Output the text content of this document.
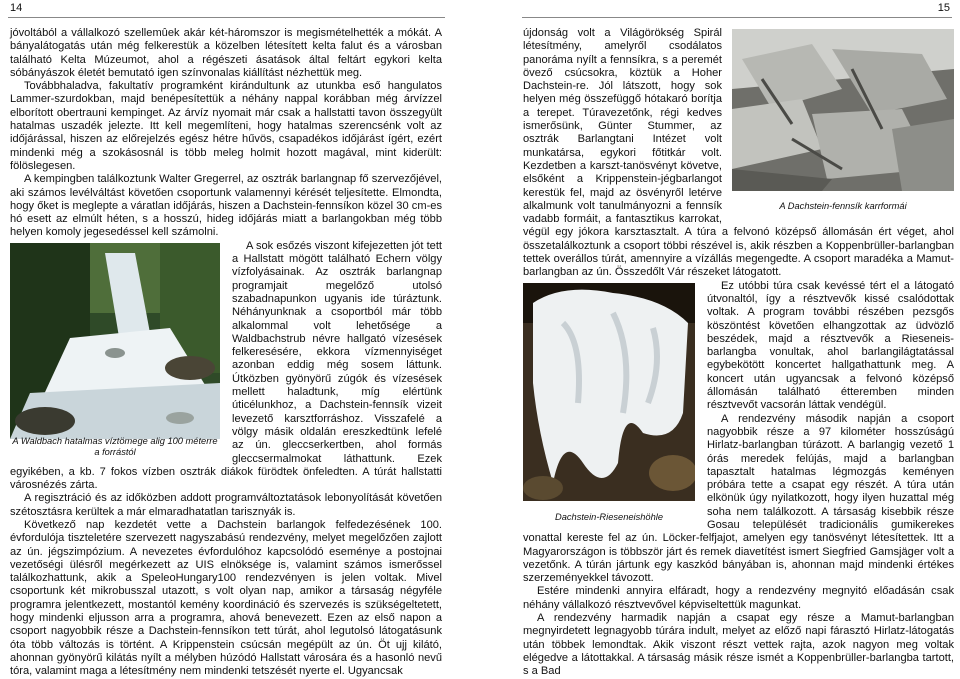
14	15

jóvoltából a vállalkozó szellemûek akár két-háromszor is megismételhették a mókát. A bányalátogatás után még felkerestük a közelben létesített kelta falut és a városban található Kelta Múzeumot, ahol a régészeti ásatások által feltárt egykori kelta sóbányászok életét bemutató igen színvonalas kiállítást nézhettük meg.

Továbbhaladva, fakultatív programként kirándultunk az utunkba eső hangulatos Lammer-szurdokban, majd benépesítettük a néhány nappal korábban még árvízzel elborított obertrauni kempinget. Az árvíz nyomait már csak a hallstatti tavon összegyült hatalmas uszadék jelezte. Itt kell megemlíteni, hogy hatalmas szerencsénk volt az időjárással, hiszen az előrejelzés egész hétre hűvös, csapadékos időjárást ígért, ezért mindenki még a szokásosnál is több meleg holmit hozott magával, mint kiderült: fölöslegesen.

A kempingben találkoztunk Walter Gregerrel, az osztrák barlangnap fő szervezőjével, aki számos levélváltást követően csoportunk valamennyi kérését teljesítette. Elmondta, hogy őket is meglepte a váratlan időjárás, hiszen a Dachstein-fennsíkon közel 30 cm-es hó esett az elmúlt héten, s a hosszú, hideg időjárás miatt a barlangokban még több helyen komoly jegesedéssel kell számolni.

A Waldbach hatalmas víztömege alig 100 méterre a forrástól

A sok esőzés viszont kifejezetten jót tett a Hallstatt mögött található Echern völgy vízfolyásainak. Az osztrák barlangnap programjait megelőző utolsó szabadnapunkon ugyanis ide túráztunk. Néhányunknak a csoportból már több alkalommal volt lehetősége a Waldbachstrub névre hallgató vízesések felkeresésére, ekkora vízmennyiséget azonban eddig még sosem láttunk. Útközben gyönyörű zúgók és vízesések mellett haladtunk, míg elértünk úticélunkhoz, a Dachstein-fennsík vizeit levezető karsztforráshoz. Visszafelé a völgy másik oldalán ereszkedtünk lefelé az ún. gleccserkertben, ahol formás gleccsermalmokat láthattunk. Ezek egyikében, a kb. 7 fokos vízben osztrák diákok fürödtek önfeledten. A túrát hallstatti városnézés zárta.

A regisztráció és az időközben addott programváltoztatások lebonyolítását követően szétosztásra kerültek a már elmaradhatatlan tarisznyák is.

Következő nap kezdetét vette a Dachstein barlangok felfedezésének 100. évfordulója tiszteletére szervezett nagyszabású rendezvény, melyet megelőzően zajlott az ún. jégszimpózium. A nevezetes évfordulóhoz kapcsolódó eseménye a postojnai vezetőségi ülésről megérkezett az UIS elnöksége is, valamint számos ismerőssel találkozhattunk, akik a SpeleoHungary100 rendezvényen is jelen voltak. Mivel csoportunk két mikrobusszal utazott, s volt olyan nap, amikor a társaság négyféle programra jelentkezett, mostantól kemény koordináció és szervezés is szükségeltetett, hogy mindenki eljusson arra a programra, ahová benevezett. Ezen az első napon a csoport nagyobbik része a Dachstein-fennsíkon tett túrát, ahol legutolsó látogatásunk óta több változás is történt. A Krippenstein csúcsán megépült az ún. Öt ujj kilátó, ahonnan gyönyörű kilátás nyílt a mélyben húzódó Hallstatt városára és a hasonló nevű tóra, valamint maga a létesítmény nem mindenki tetszését nyerte el. Ugyancsak

A Dachstein-fennsík karrformái

újdonság volt a Világörökség Spirál létesítmény, amelyről csodálatos panoráma nyílt a fennsíkra, s a peremét övező csúcsokra, köztük a Hoher Dachstein-re. Jól látszott, hogy sok helyen még összefüggő hótakaró borítja a terepet. Túravezetőnk, régi kedves ismerősünk, Günter Stummer, az osztrák Barlangtani Intézet volt munkatársa, egykori főtitkár volt. Kezdetben a karszt-tanösvényt követve, elsőként a Krippenstein-jégbarlangot kerestük fel, majd az ösvényről letérve alkalmunk volt tanulmányozni a fennsík vadabb formáit, a fantasztikus karrokat, végül egy jókora karsztasztalt. A túra a felvonó középső állomásán ért véget, ahol összetalálkoztunk a csoport többi részével is, akik részben a Koppenbrüller-barlangban tettek overállos túrát, amennyire a vízállás megengedte. A csoport maradéka a Mamut-barlangban az ún. Összedőlt Vár részeket látogatott.

Dachstein-Rieseneishöhle

Ez utóbbi túra csak kevéssé tért el a látogató útvonaltól, így a résztvevők kissé csalódottak voltak. A program további részében pezsgős köszöntést követően elhangzottak az üdvözlő beszédek, majd a résztvevők a Rieseneis-barlangba vonultak, ahol barlangilágtatással egybekötött koncertet hallgathattunk meg. A koncert után ugyancsak a felvonó középső állomásán található étteremben minden résztvevőt vacsorán láttak vendégül.

A rendezvény második napján a csoport nagyobbik része a 97 kilométer hosszúságú Hirlatz-barlangban túrázott. A barlangig vezető 1 órás meredek felújás, majd a barlangban tapasztalt hatalmas légmozgás keményen próbára tette a csapat egy részét. A túra után elkönük úgy nyilatkozott, hogy ilyen huzattal még soha nem találkozott. A társaság kisebbik része Gosau települését tradicionális gumikerekes vonattal kereste fel az ún. Löcker-felfjajot, amelyen egy tanösvényt létesítettek. Itt a Magyarországon is többször járt és remek diavetítést ismert Siegfried Gamsjäger volt a vezetőnk. A túrán jártunk egy kaszkód bányában is, ahonnan majd mindenki értékes szerzeményekkel távozott.

Estére mindenki annyira elfáradt, hogy a rendezvény megnyitó előadásán csak néhány vállalkozó résztvevővel képviseltettük magunkat.

A rendezvény harmadik napján a csapat egy része a Mamut-barlangban megnyirdetett legnagyobb túrára indult, melyet az előző napi fárasztó Hirlatz-látogatás után többek lemondtak. Akik viszont részt vettek rajta, azok nagyon meg voltak elégedve a látottakkal. A társaság másik része ismét a Koppenbrüller-barlangba tartott, s a Bad
